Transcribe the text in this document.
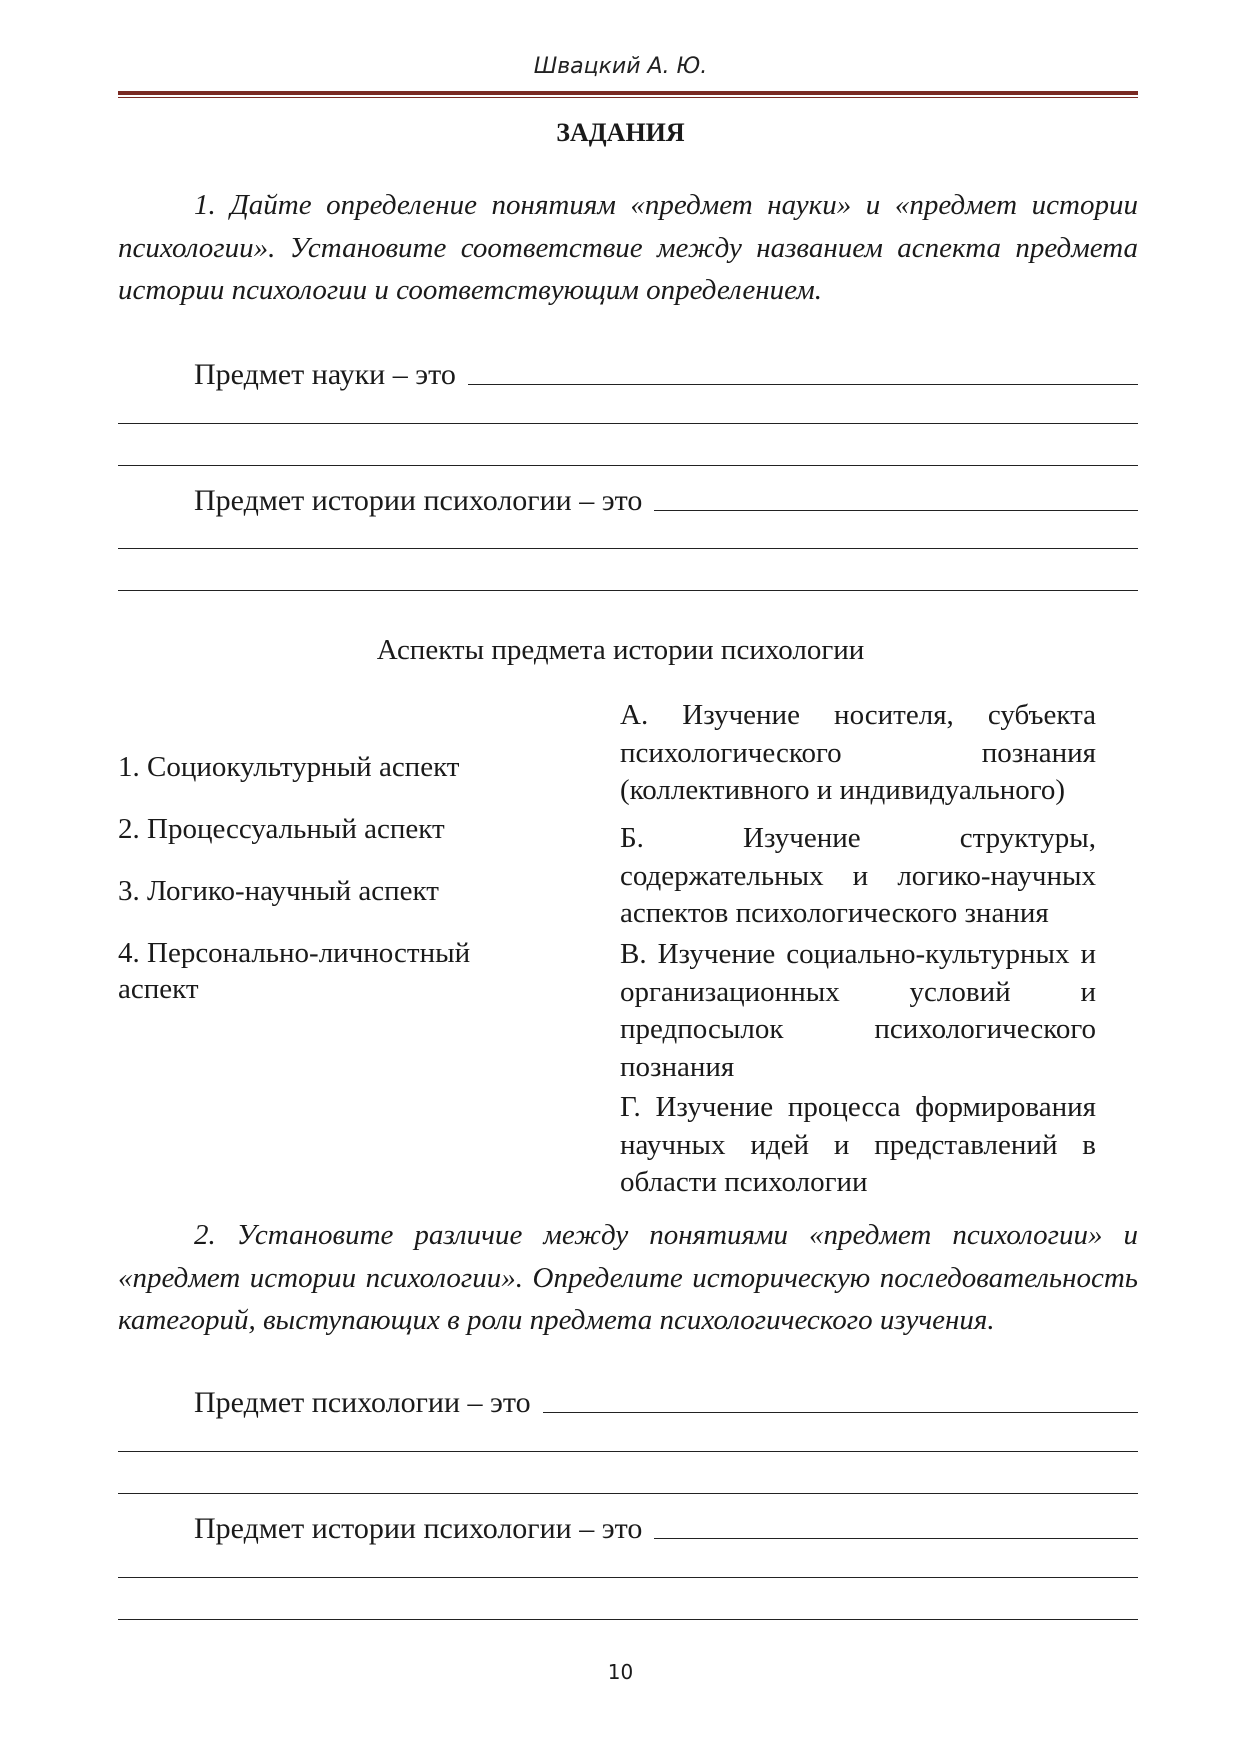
Швацкий А. Ю.
ЗАДАНИЯ
1. Дайте определение понятиям «предмет науки» и «предмет истории психологии». Установите соответствие между названием аспекта предмета истории психологии и соответствующим определением.
Предмет науки – это
Предмет истории психологии – это
Аспекты предмета истории психологии
1. Социокультурный аспект
2. Процессуальный аспект
3. Логико-научный аспект
4. Персонально-личностный аспект
А. Изучение носителя, субъекта психологического познания (коллективного и индивидуального)
Б. Изучение структуры, содержательных и логико-научных аспектов психологического знания
В. Изучение социально-культурных и организационных условий и предпосылок психологического познания
Г. Изучение процесса формирования научных идей и представлений в области психологии
2. Установите различие между понятиями «предмет психологии» и «предмет истории психологии». Определите историческую последовательность категорий, выступающих в роли предмета психологического изучения.
Предмет психологии – это
Предмет истории психологии – это
10
